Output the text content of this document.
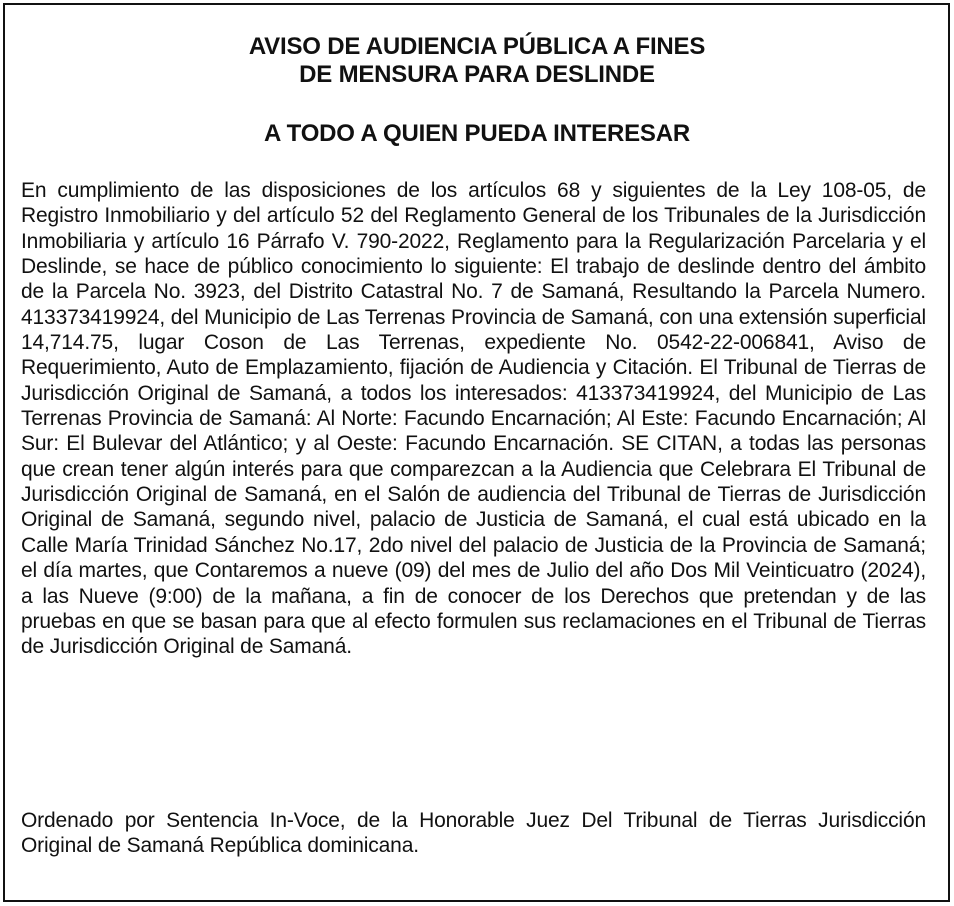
AVISO DE AUDIENCIA PÚBLICA A FINES
DE MENSURA PARA DESLINDE
A TODO A QUIEN PUEDA INTERESAR
En cumplimiento de las disposiciones de los artículos 68 y siguientes de la Ley 108-05, de Registro Inmobiliario y del artículo 52 del Reglamento General de los Tribunales de la Jurisdicción Inmobiliaria y artículo 16 Párrafo V. 790-2022, Reglamento para la Regularización Parcelaria y el Deslinde, se hace de público conocimiento lo siguiente: El trabajo de deslinde dentro del ámbito de la Parcela No. 3923, del Distrito Catastral No. 7 de Samaná, Resultando la Parcela Numero. 413373419924, del Municipio de Las Terrenas Provincia de Samaná, con una extensión superficial 14,714.75, lugar Coson de Las Terrenas, expediente No. 0542-22-006841, Aviso de Requerimiento, Auto de Emplazamiento, fijación de Audiencia y Citación. El Tribunal de Tierras de Jurisdicción Original de Samaná, a todos los interesados: 413373419924, del Municipio de Las Terrenas Provincia de Samaná: Al Norte: Facundo Encarnación; Al Este: Facundo Encarnación; Al Sur: El Bulevar del Atlántico; y al Oeste: Facundo Encarnación. SE CITAN, a todas las personas que crean tener algún interés para que comparezcan a la Audiencia que Celebrara El Tribunal de Jurisdicción Original de Samaná, en el Salón de audiencia del Tribunal de Tierras de Jurisdicción Original de Samaná, segundo nivel, palacio de Justicia de Samaná, el cual está ubicado en la Calle María Trinidad Sánchez No.17, 2do nivel del palacio de Justicia de la Provincia de Samaná; el día martes, que Contaremos a nueve (09) del mes de Julio del año Dos Mil Veinticuatro (2024), a las Nueve (9:00) de la mañana, a fin de conocer de los Derechos que pretendan y de las pruebas en que se basan para que al efecto formulen sus reclamaciones en el Tribunal de Tierras de Jurisdicción Original de Samaná.
Ordenado por Sentencia In-Voce, de la Honorable Juez Del Tribunal de Tierras Jurisdicción Original de Samaná República dominicana.
